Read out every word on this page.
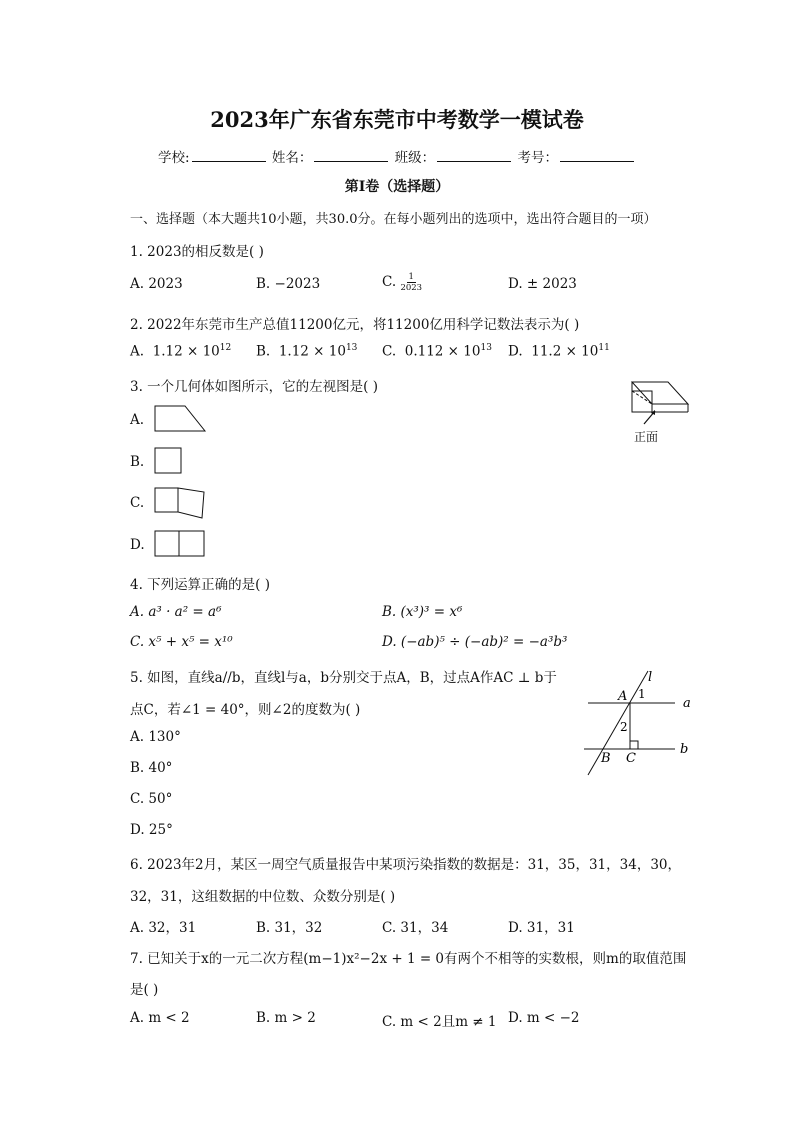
2023年广东省东莞市中考数学一模试卷
学校:	姓名：	班级：	考号：
第I卷（选择题）
一、选择题（本大题共10小题，共30.0分。在每小题列出的选项中，选出符合题目的一项）
1. 2023的相反数是( )
A. 2023	B. −2023	C. $\frac{1}{2023}$	D. ± 2023
2. 2022年东莞市生产总值11200亿元，将11200亿用科学记数法表示为( )
A. $1.12 \times 10^{12}$ B. $1.12 \times 10^{13}$ C. $0.112 \times 10^{13}$ D. $11.2 \times 10^{11}$
3. 一个几何体如图所示，它的左视图是( )
A.
B.
C.
D.
正面
4. 下列运算正确的是( )
A. a³ · a² = a⁶	B. (x³)³ = x⁶
C. x⁵ + x⁵ = x¹⁰	D. (−ab)⁵ ÷ (−ab)² = −a³b³
5. 如图，直线a//b，直线l与a，b分别交于点A，B，过点A作AC ⊥ b于
点C，若∠1 = 40°，则∠2的度数为( )
A. 130°
B. 40°
C. 50°
D. 25°
l
A 1
a
2
b
B C
6. 2023年2月，某区一周空气质量报告中某项污染指数的数据是：31，35，31，34，30，
32，31，这组数据的中位数、众数分别是( )
A. 32，31	B. 31，32	C. 31，34	D. 31，31
7. 已知关于x的一元二次方程(m−1)x²−2x + 1 = 0有两个不相等的实数根，则m的取值范围
是( )
A. m < 2	B. m > 2	C. m < 2且m ≠ 1 D. m < −2
